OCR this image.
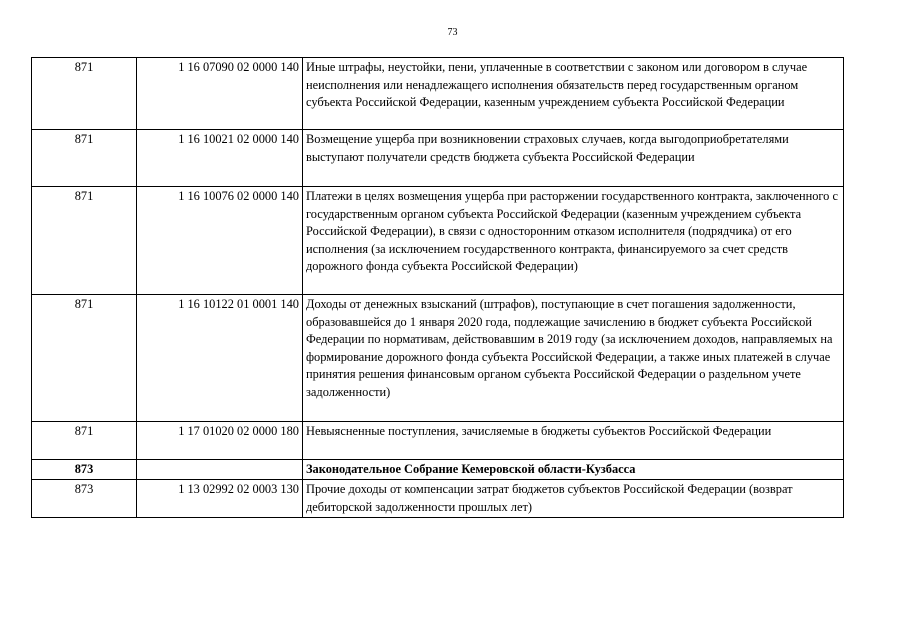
73
871	1 16 07090 02 0000 140	Иные штрафы, неустойки, пени, уплаченные в соответствии с законом или договором в случае неисполнения или ненадлежащего исполнения обязательств перед государственным органом субъекта Российской Федерации, казенным учреждением субъекта Российской Федерации
871	1 16 10021 02 0000 140	Возмещение ущерба при возникновении страховых случаев, когда выгодоприобретателями выступают получатели средств бюджета субъекта Российской Федерации
871	1 16 10076 02 0000 140	Платежи в целях возмещения ущерба при расторжении государственного контракта, заключенного с государственным органом субъекта Российской Федерации (казенным учреждением субъекта Российской Федерации), в связи с односторонним отказом исполнителя (подрядчика) от его исполнения (за исключением государственного контракта, финансируемого за счет средств дорожного фонда субъекта Российской Федерации)
871	1 16 10122 01 0001 140	Доходы от денежных взысканий (штрафов), поступающие в счет погашения задолженности, образовавшейся до 1 января 2020 года, подлежащие зачислению в бюджет субъекта Российской Федерации по нормативам, действовавшим в 2019 году (за исключением доходов, направляемых на формирование дорожного фонда субъекта Российской Федерации, а также иных платежей в случае принятия решения финансовым органом субъекта Российской Федерации о раздельном учете задолженности)
871	1 17 01020 02 0000 180	Невыясненные поступления, зачисляемые в бюджеты субъектов Российской Федерации
873		Законодательное Собрание Кемеровской области-Кузбасса
873	1 13 02992 02 0003 130	Прочие доходы от компенсации затрат бюджетов субъектов Российской Федерации (возврат дебиторской задолженности прошлых лет)
